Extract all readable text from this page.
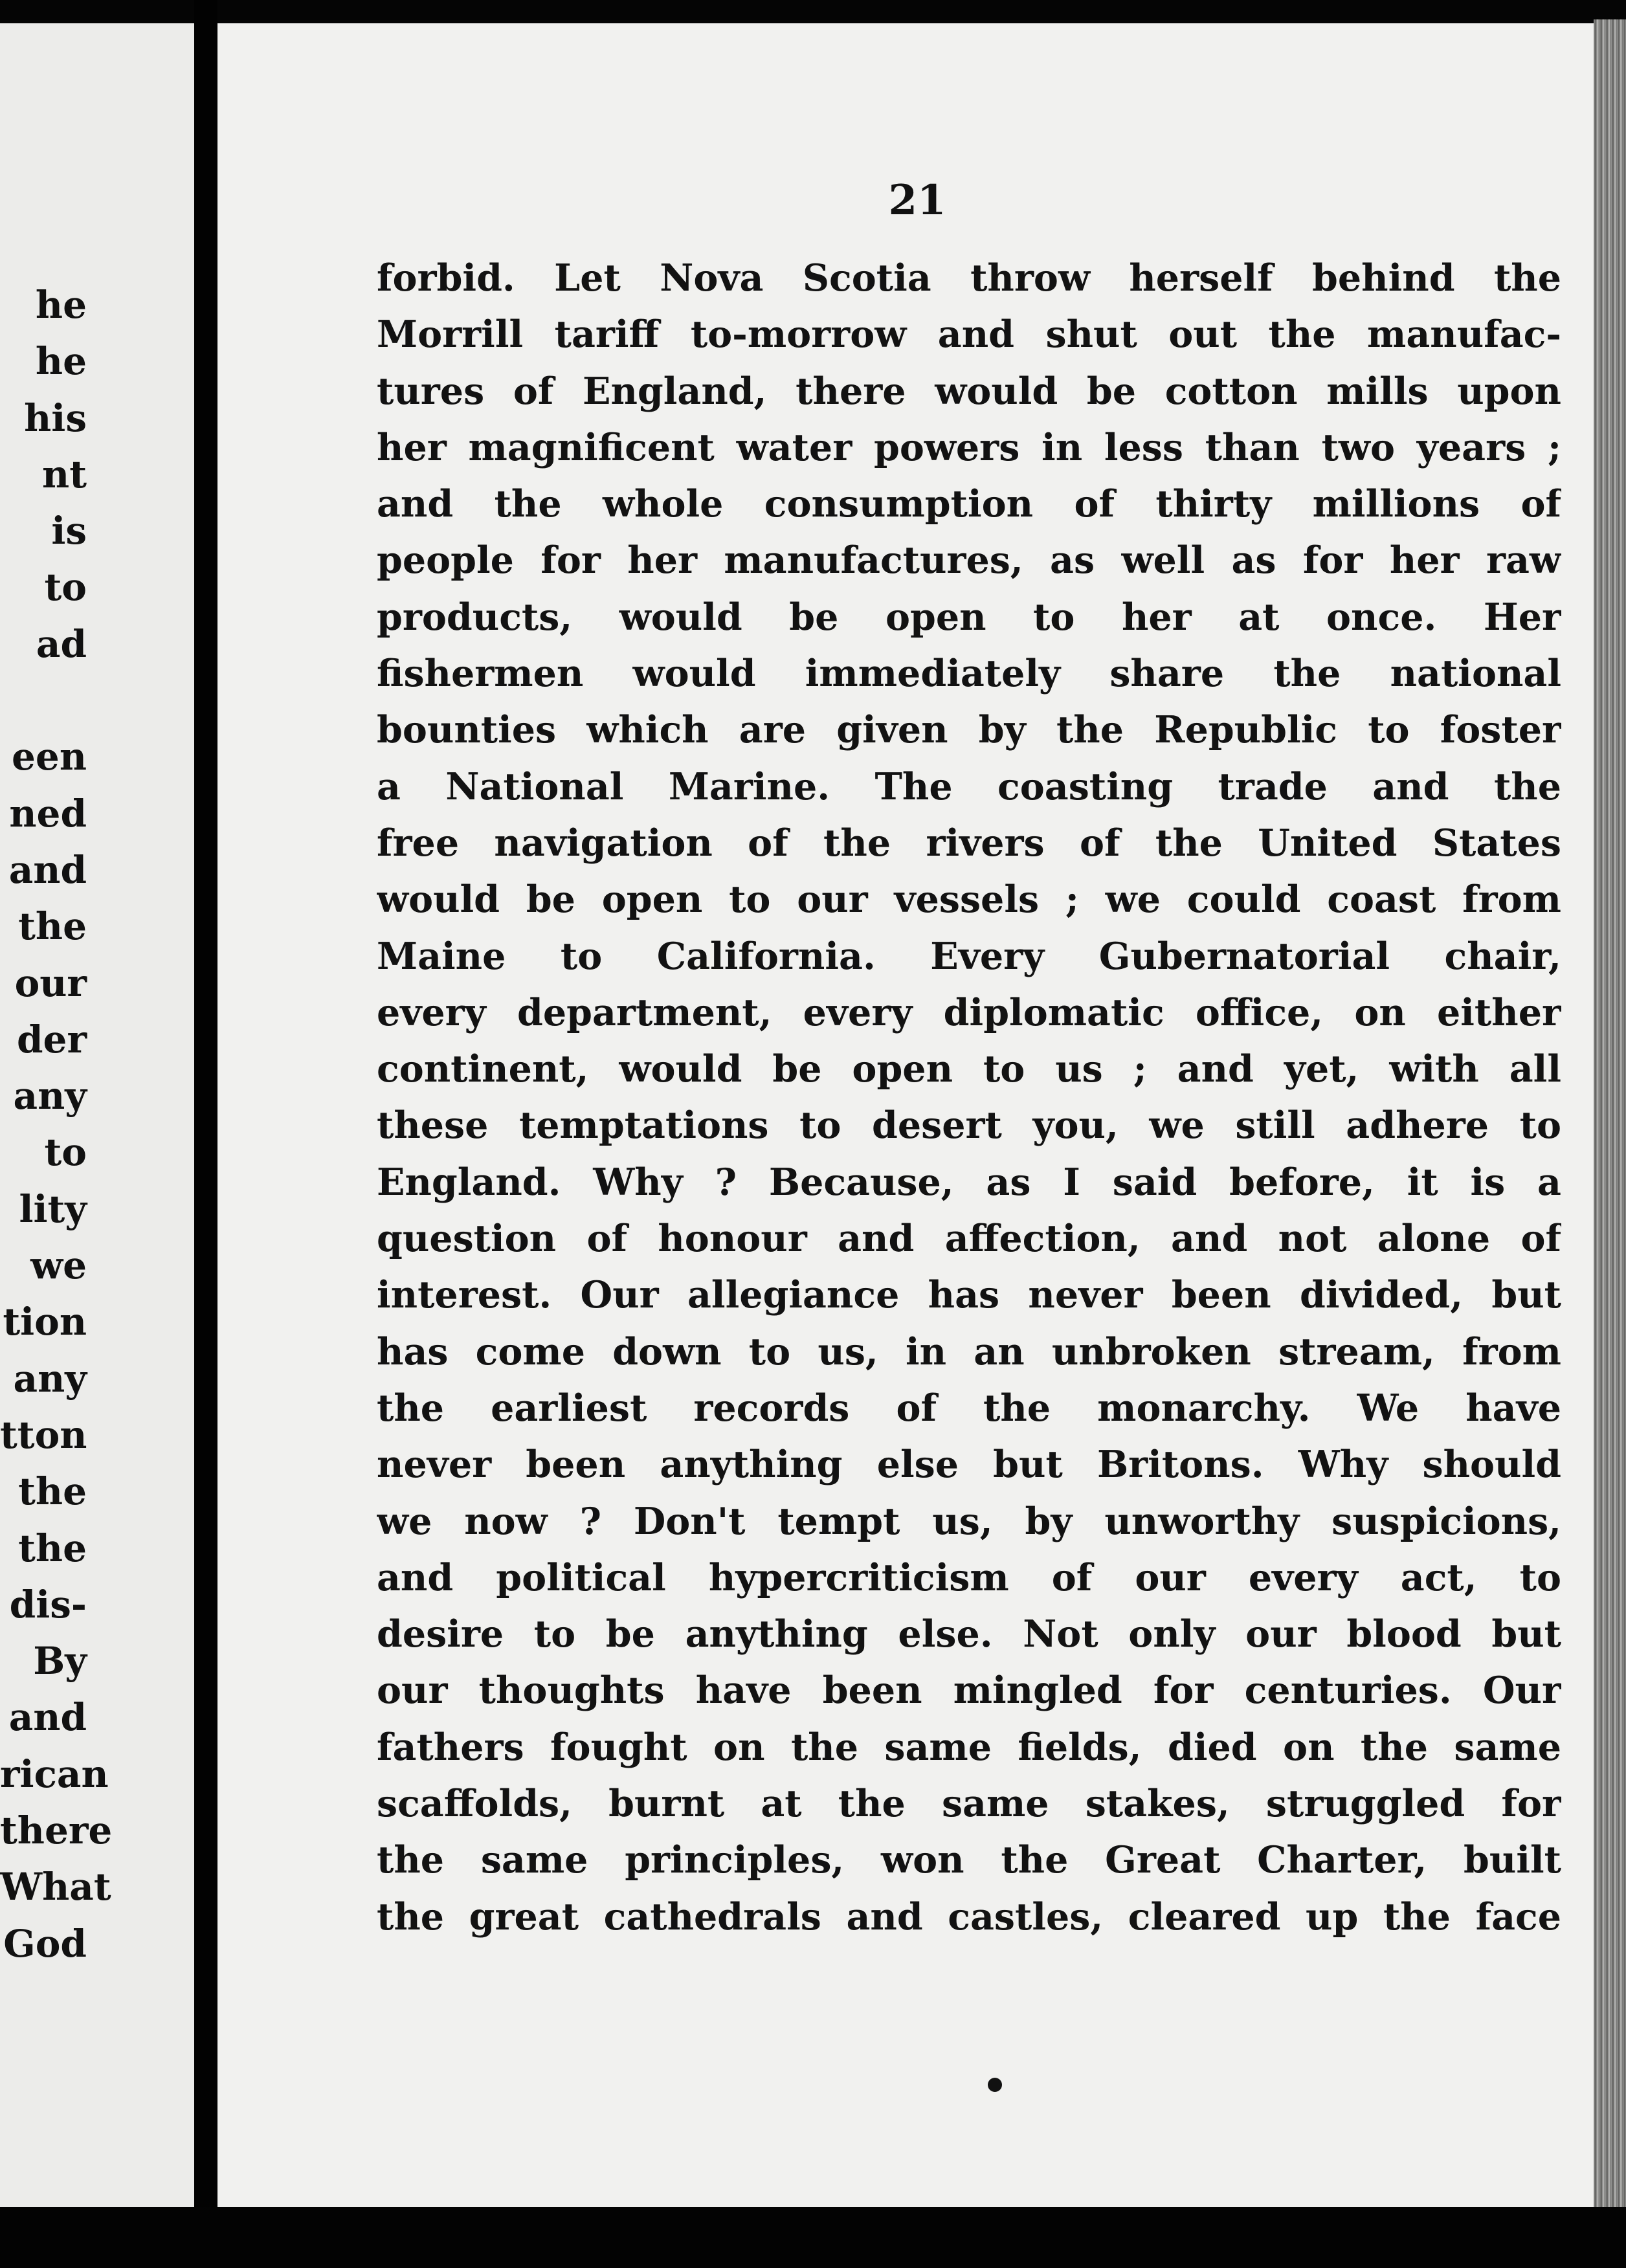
he
he
his
nt
is
to
ad
een
ned
and
the
our
der
any
to
lity
we
tion
any
tton
the
the
dis-
By
and
rican
there
What
God
21
forbid. Let Nova Scotia throw herself behind the
Morrill tariff to-morrow and shut out the manufac-
tures of England, there would be cotton mills upon
her magnificent water powers in less than two years ;
and the whole consumption of thirty millions of
people for her manufactures, as well as for her raw
products, would be open to her at once. Her
fishermen would immediately share the national
bounties which are given by the Republic to foster
a National Marine. The coasting trade and the
free navigation of the rivers of the United States
would be open to our vessels ; we could coast from
Maine to California. Every Gubernatorial chair,
every department, every diplomatic office, on either
continent, would be open to us ; and yet, with all
these temptations to desert you, we still adhere to
England. Why ? Because, as I said before, it is a
question of honour and affection, and not alone of
interest. Our allegiance has never been divided, but
has come down to us, in an unbroken stream, from
the earliest records of the monarchy. We have
never been anything else but Britons. Why should
we now ? Don't tempt us, by unworthy suspicions,
and political hypercriticism of our every act, to
desire to be anything else. Not only our blood but
our thoughts have been mingled for centuries. Our
fathers fought on the same fields, died on the same
scaffolds, burnt at the same stakes, struggled for
the same principles, won the Great Charter, built
the great cathedrals and castles, cleared up the face
